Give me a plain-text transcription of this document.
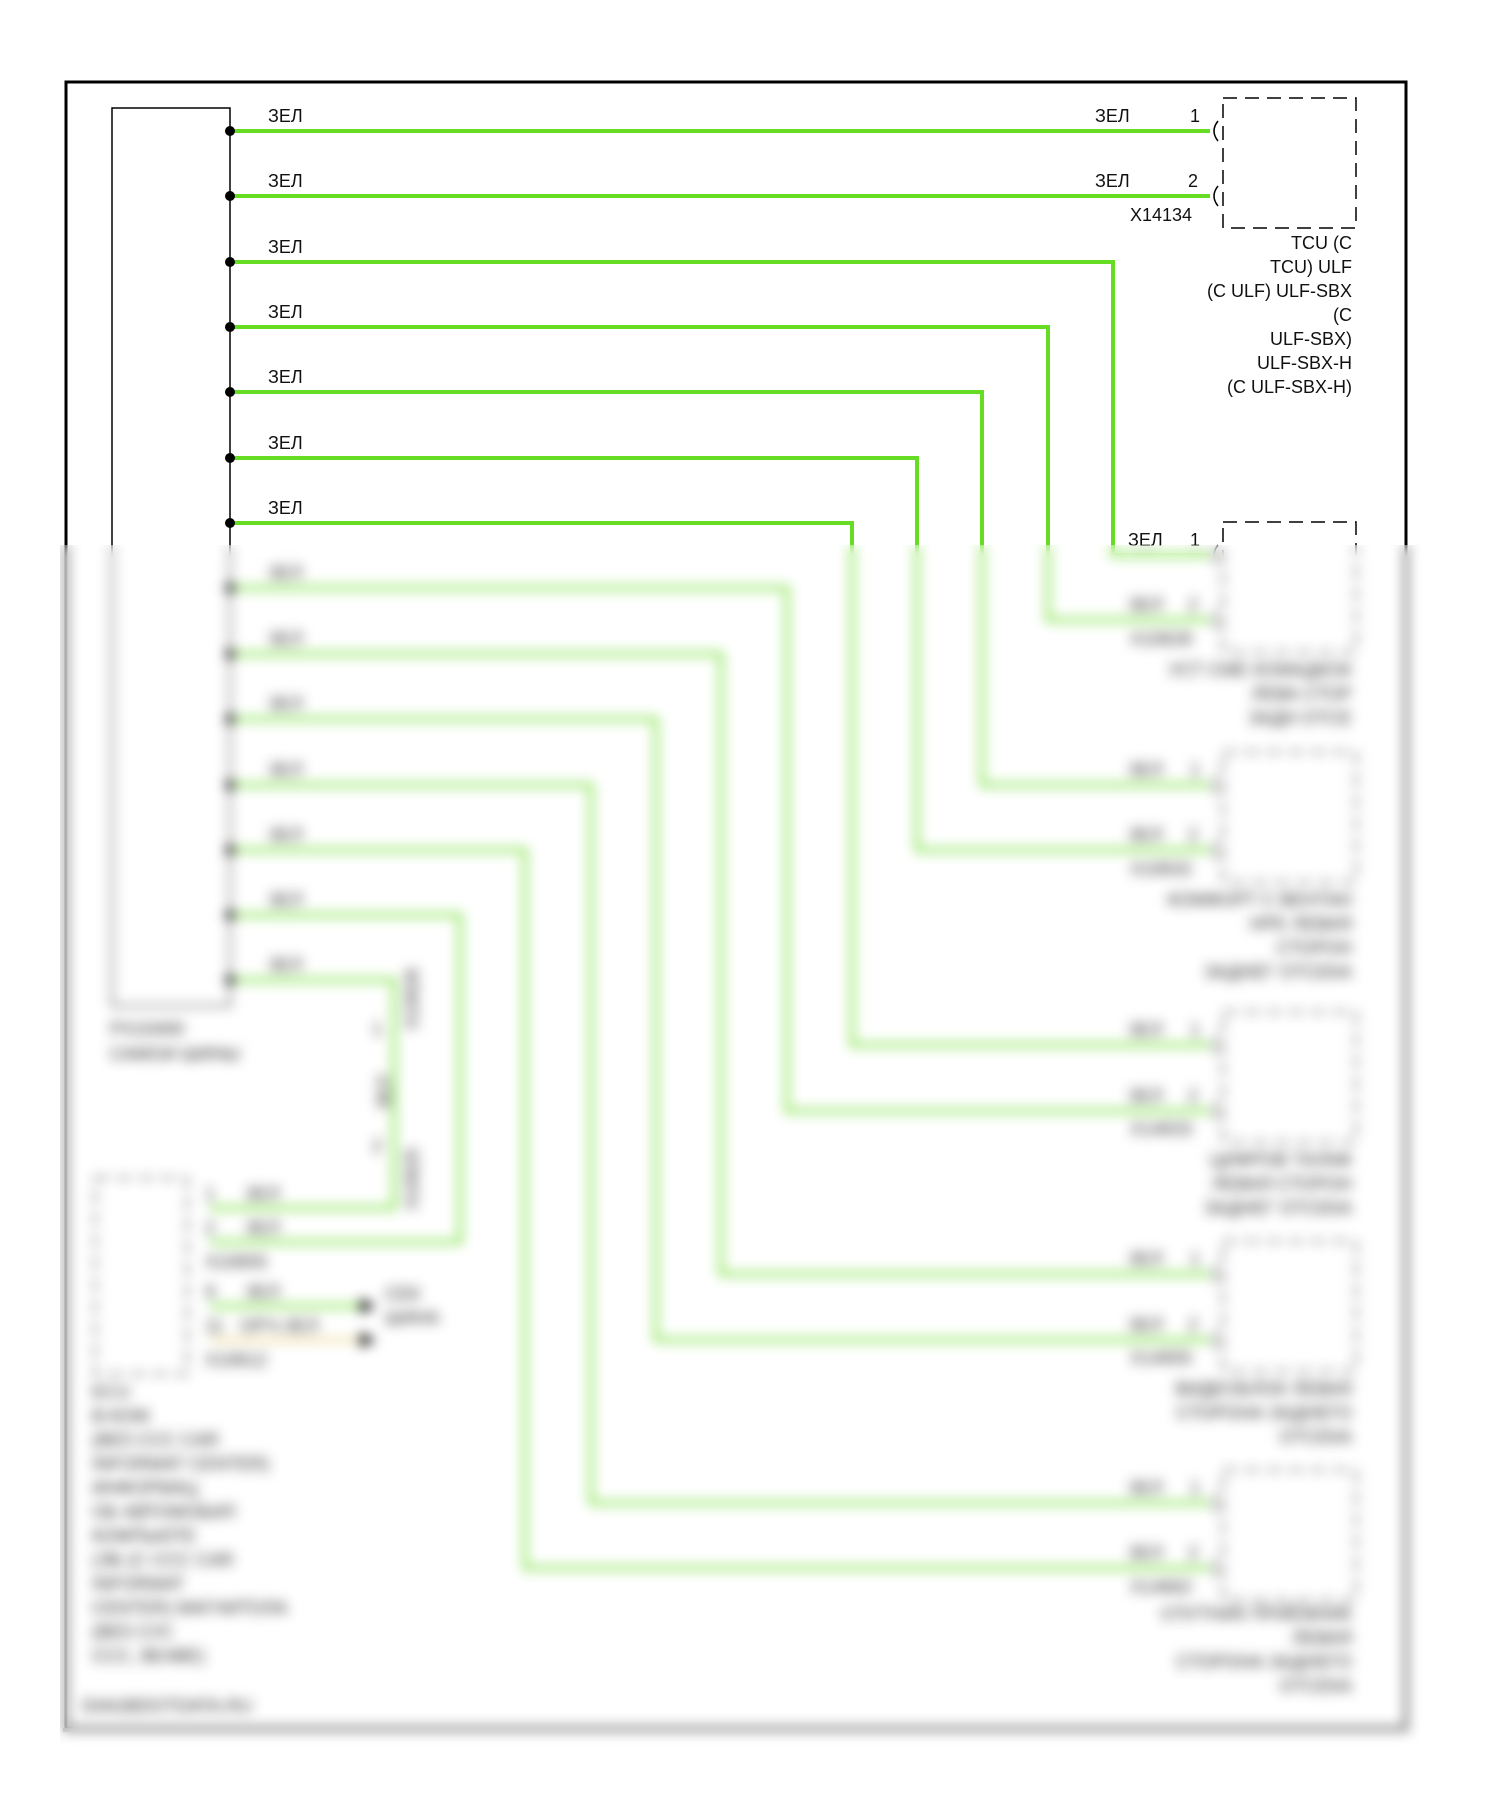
PX10400
САМОИ ШИНЫ
СЕК
ШИНА
ЗЕЛ
ЗЕЛ
ЗЕЛ
ЗЕЛ
ЗЕЛ
ЗЕЛ
ЗЕЛ
ЗЕЛ
ЗЕЛ
ЗЕЛ
ЗЕЛ
ЗЕЛ
ЗЕЛ
ЗЕЛ
ЗЕЛ
ЗЕЛ
1
2
X14134
TCU (C
TCU) ULF
(C ULF) ULF-SBX
(C
ULF-SBX)
ULF-SBX-H
(C ULF-SBX-H)
ЗЕЛ
ЗЕЛ
1
2
X10628
УСТ СМЕ КОМАДКОК
ЛЕВА СТОР
ЗАДН ОТСЕ
ЗЕЛ
ЗЕЛ
1
2
X10632
КОМФОРТ С ВЕНТАН
НРЕ ЛЕВАЯ
СТОРОН
ЗАДНЕГ ОТСЕКА
ЗЕЛ
ЗЕЛ
1
2
X14633
ЦИФРОВ ТАЛАФ
ЛЕВАЯ СТОРОН
ЗАДНЕГ ОТСЕКА
ЗЕЛ
ЗЕЛ
1
2
X14655
ВИДЕОБЛОК ЛЕВАЯ
СТОРОНА ЗАДНЕГО
ОТСЕКА
ЗЕЛ
ЗЕЛ
1
2
X14662
СПУТНИК ПРИЁМНИК
ЛЕВАЯ
СТОРОНА ЗАДНЕГО
ОТСЕКА
X10626
X10625
ЗЕЛ
1
2
1
2
9
11
ЗЕЛ
ЗЕЛ
ЗЕЛ
ОРЧ-ЗЕЛ
X10655
X10612
ECU
В-КОМ
(ВЕ5 ССС CAR
INFORMAT CENTER)
ИНФОРМАЦ
ОБ АВТОМОБИЛ
КОМПЬЮТЕ
(ЭБ (С ССС CAR
INFORMAT
CENTER) МАГНИТОЛА
(ВЕ5 СУС
ССС, ВЕ4ВЕ)
DIAGBDOTDATA.RU
